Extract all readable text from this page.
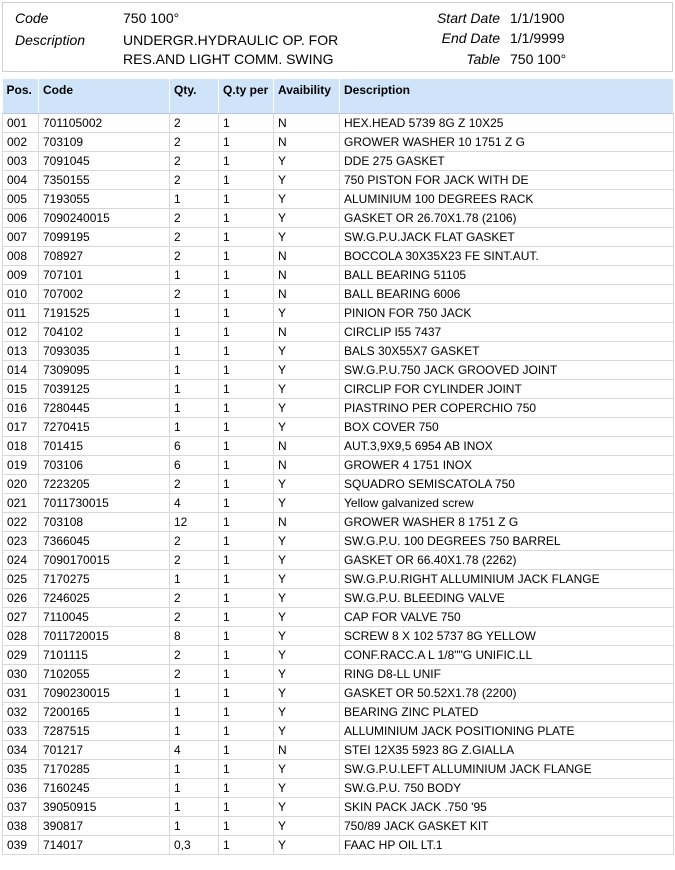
Code	750 100°
Description	UNDERGR.HYDRAULIC OP. FOR
RES.AND LIGHT COMM. SWING
Start Date 1/1/1900
End Date 1/1/9999
Table 750 100°
Pos.	Code	Qty.	Q.ty per	Avaibility	Description
001	701105002	2	1	N	HEX.HEAD 5739 8G Z 10X25
002	703109	2	1	N	GROWER WASHER 10 1751 Z G
003	7091045	2	1	Y	DDE 275 GASKET
004	7350155	2	1	Y	750 PISTON FOR JACK WITH DE
005	7193055	1	1	Y	ALUMINIUM 100 DEGREES RACK
006	7090240015	2	1	Y	GASKET OR 26.70X1.78 (2106)
007	7099195	2	1	Y	SW.G.P.U.JACK FLAT GASKET
008	708927	2	1	N	BOCCOLA 30X35X23 FE SINT.AUT.
009	707101	1	1	N	BALL BEARING 51105
010	707002	2	1	N	BALL BEARING 6006
011	7191525	1	1	Y	PINION FOR 750 JACK
012	704102	1	1	N	CIRCLIP I55 7437
013	7093035	1	1	Y	BALS 30X55X7 GASKET
014	7309095	1	1	Y	SW.G.P.U.750 JACK GROOVED JOINT
015	7039125	1	1	Y	CIRCLIP FOR CYLINDER JOINT
016	7280445	1	1	Y	PIASTRINO PER COPERCHIO 750
017	7270415	1	1	Y	BOX COVER 750
018	701415	6	1	N	AUT.3,9X9,5 6954 AB INOX
019	703106	6	1	N	GROWER 4 1751 INOX
020	7223205	2	1	Y	SQUADRO SEMISCATOLA 750
021	7011730015	4	1	Y	Yellow galvanized screw
022	703108	12	1	N	GROWER WASHER 8 1751 Z G
023	7366045	2	1	Y	SW.G.P.U. 100 DEGREES 750 BARREL
024	7090170015	2	1	Y	GASKET OR 66.40X1.78 (2262)
025	7170275	1	1	Y	SW.G.P.U.RIGHT ALLUMINIUM JACK FLANGE
026	7246025	2	1	Y	SW.G.P.U. BLEEDING VALVE
027	7110045	2	1	Y	CAP FOR VALVE 750
028	7011720015	8	1	Y	SCREW 8 X 102 5737 8G YELLOW
029	7101115	2	1	Y	CONF.RACC.A L 1/8""G UNIFIC.LL
030	7102055	2	1	Y	RING D8-LL UNIF
031	7090230015	1	1	Y	GASKET OR 50.52X1.78 (2200)
032	7200165	1	1	Y	BEARING ZINC PLATED
033	7287515	1	1	Y	ALLUMINIUM JACK POSITIONING PLATE
034	701217	4	1	N	STEI 12X35 5923 8G Z.GIALLA
035	7170285	1	1	Y	SW.G.P.U.LEFT ALLUMINIUM JACK FLANGE
036	7160245	1	1	Y	SW.G.P.U. 750 BODY
037	39050915	1	1	Y	SKIN PACK JACK .750 '95
038	390817	1	1	Y	750/89 JACK GASKET KIT
039	714017	0,3	1	Y	FAAC HP OIL LT.1
